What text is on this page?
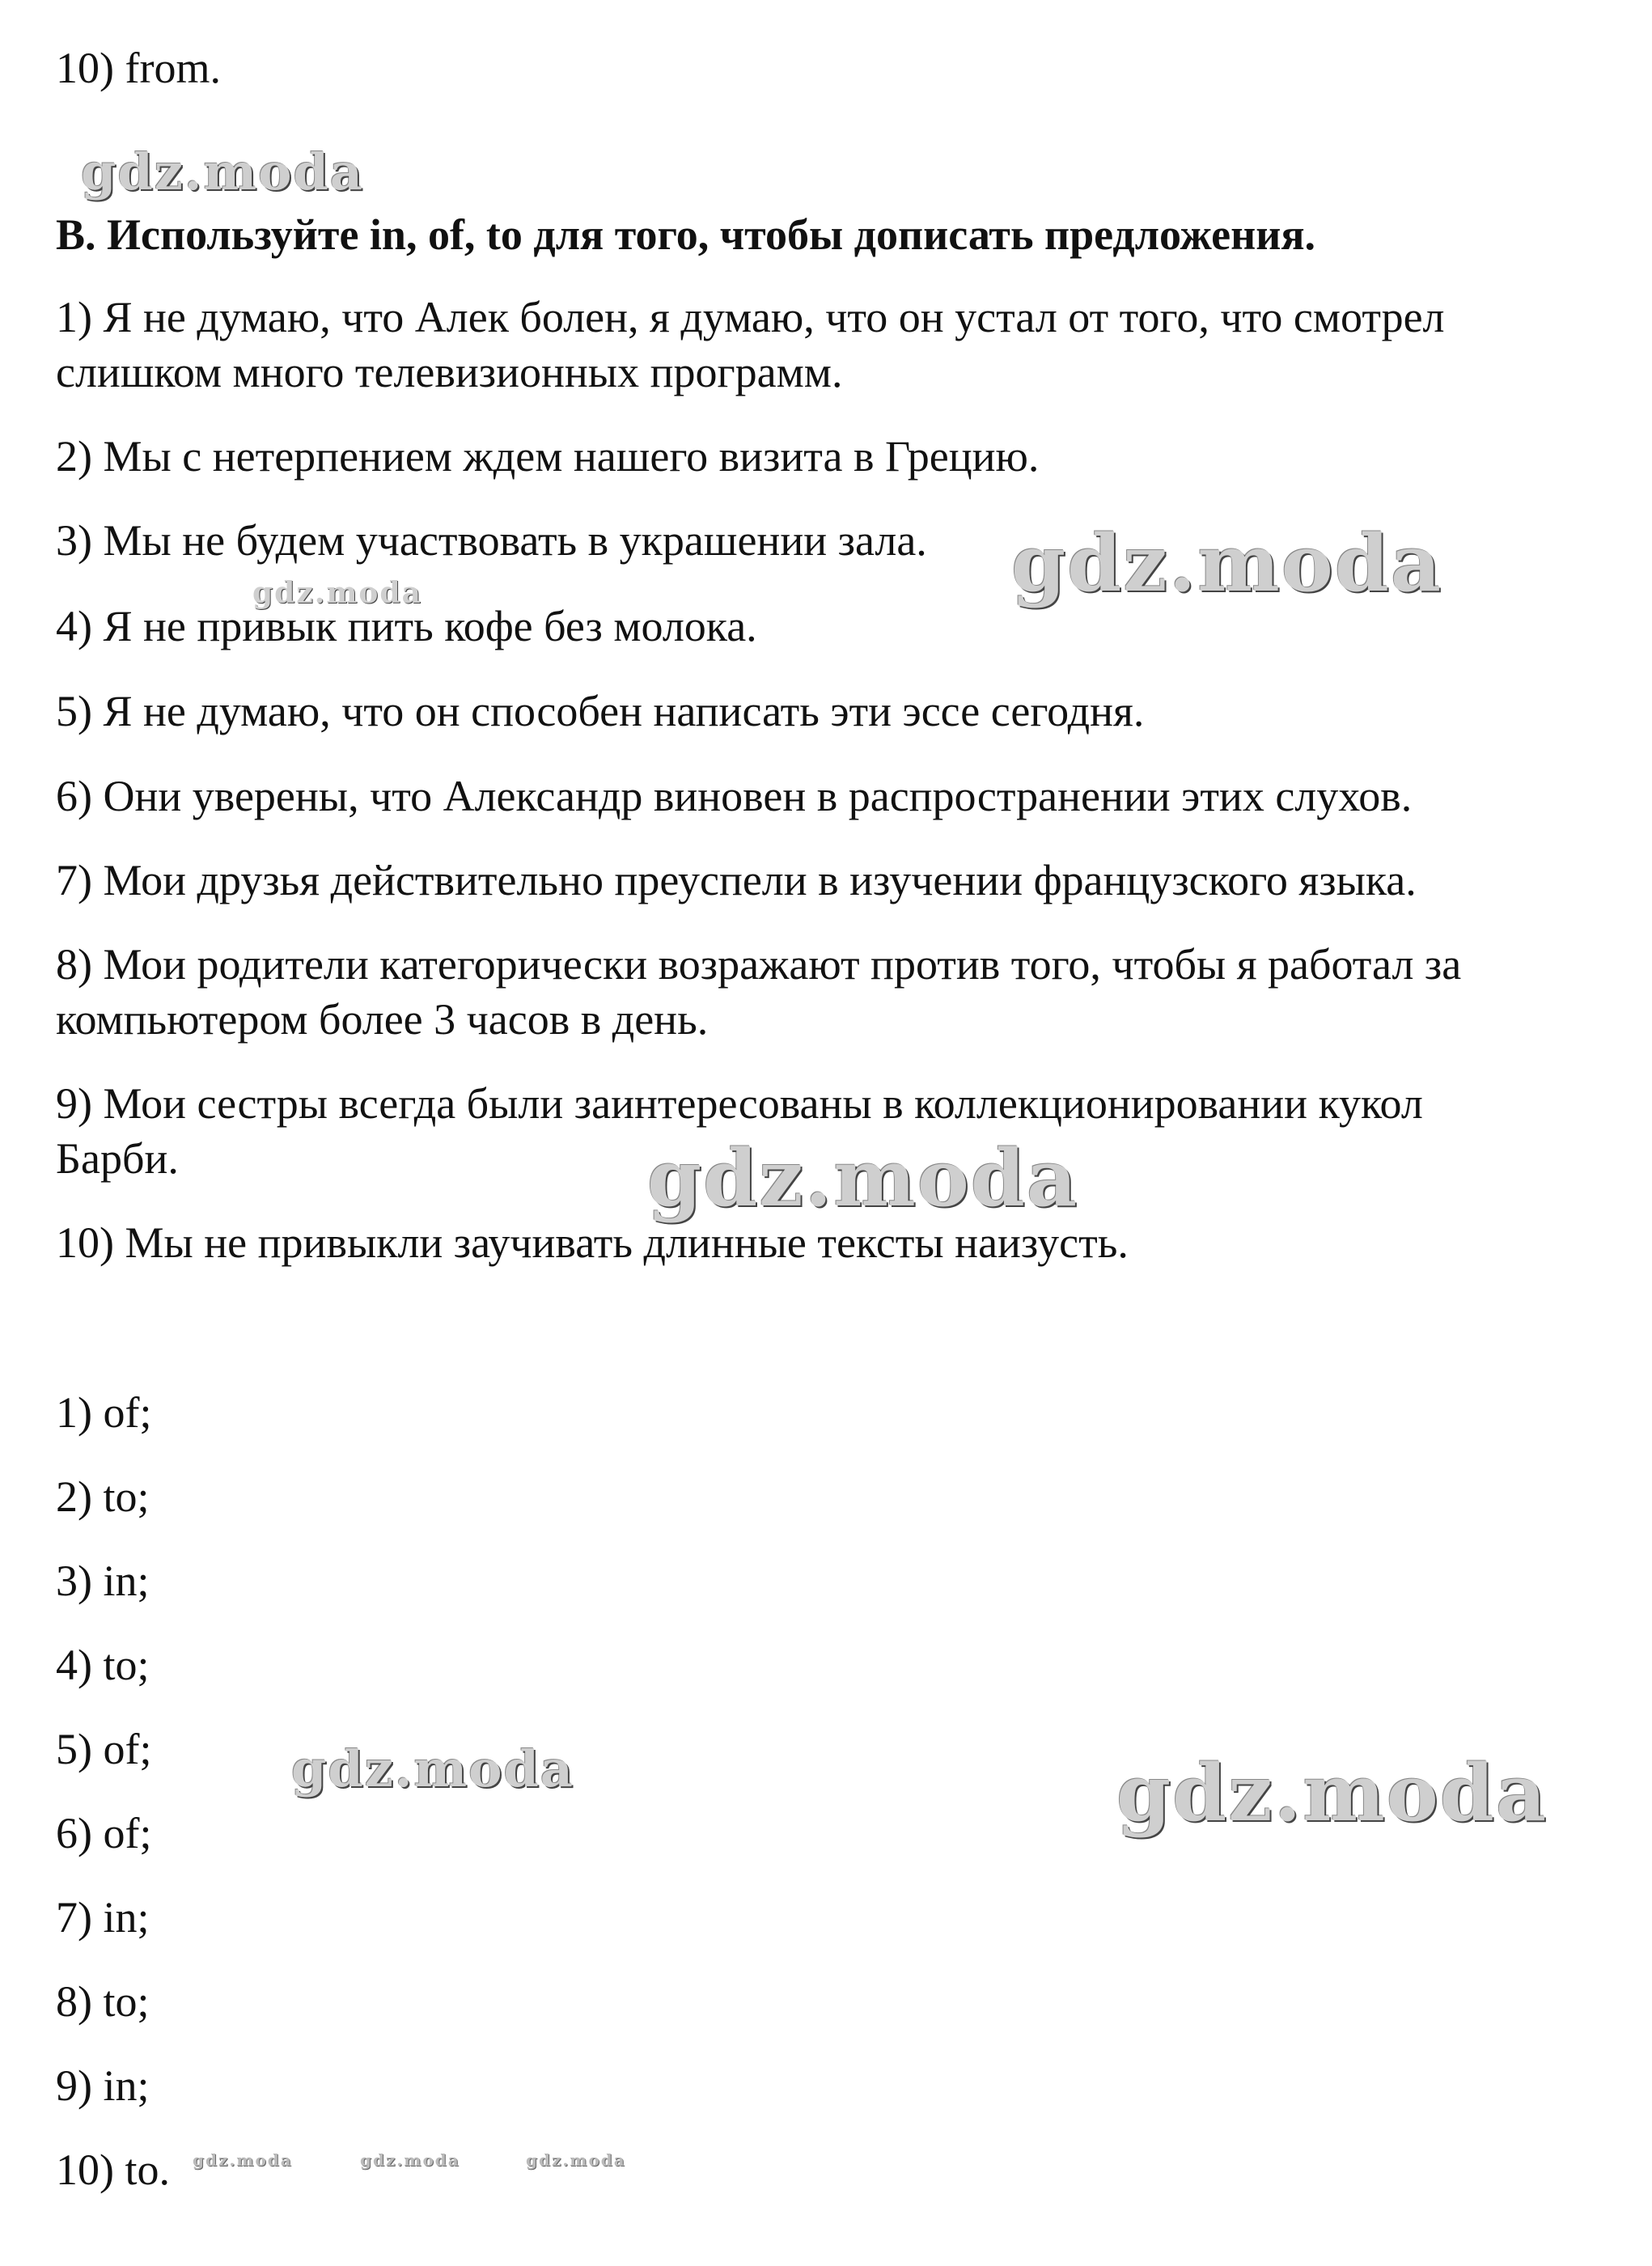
10) from.
B. Используйте in, of, to для того, чтобы дописать предложения.
1) Я не думаю, что Алек болен, я думаю, что он устал от того, что смотрел
слишком много телевизионных программ.
2) Мы с нетерпением ждем нашего визита в Грецию.
3) Мы не будем участвовать в украшении зала.
4) Я не привык пить кофе без молока.
5) Я не думаю, что он способен написать эти эссе сегодня.
6) Они уверены, что Александр виновен в распространении этих слухов.
7) Мои друзья действительно преуспели в изучении французского языка.
8) Мои родители категорически возражают против того, чтобы я работал за
компьютером более 3 часов в день.
9) Мои сестры всегда были заинтересованы в коллекционировании кукол
Барби.
10) Мы не привыкли заучивать длинные тексты наизусть.
1) of;
2) to;
3) in;
4) to;
5) of;
6) of;
7) in;
8) to;
9) in;
10) to.
gdz.moda
gdz.moda
gdz.moda
gdz.moda
gdz.moda	gdz.moda
gdz.moda	gdz.moda	gdz.moda
